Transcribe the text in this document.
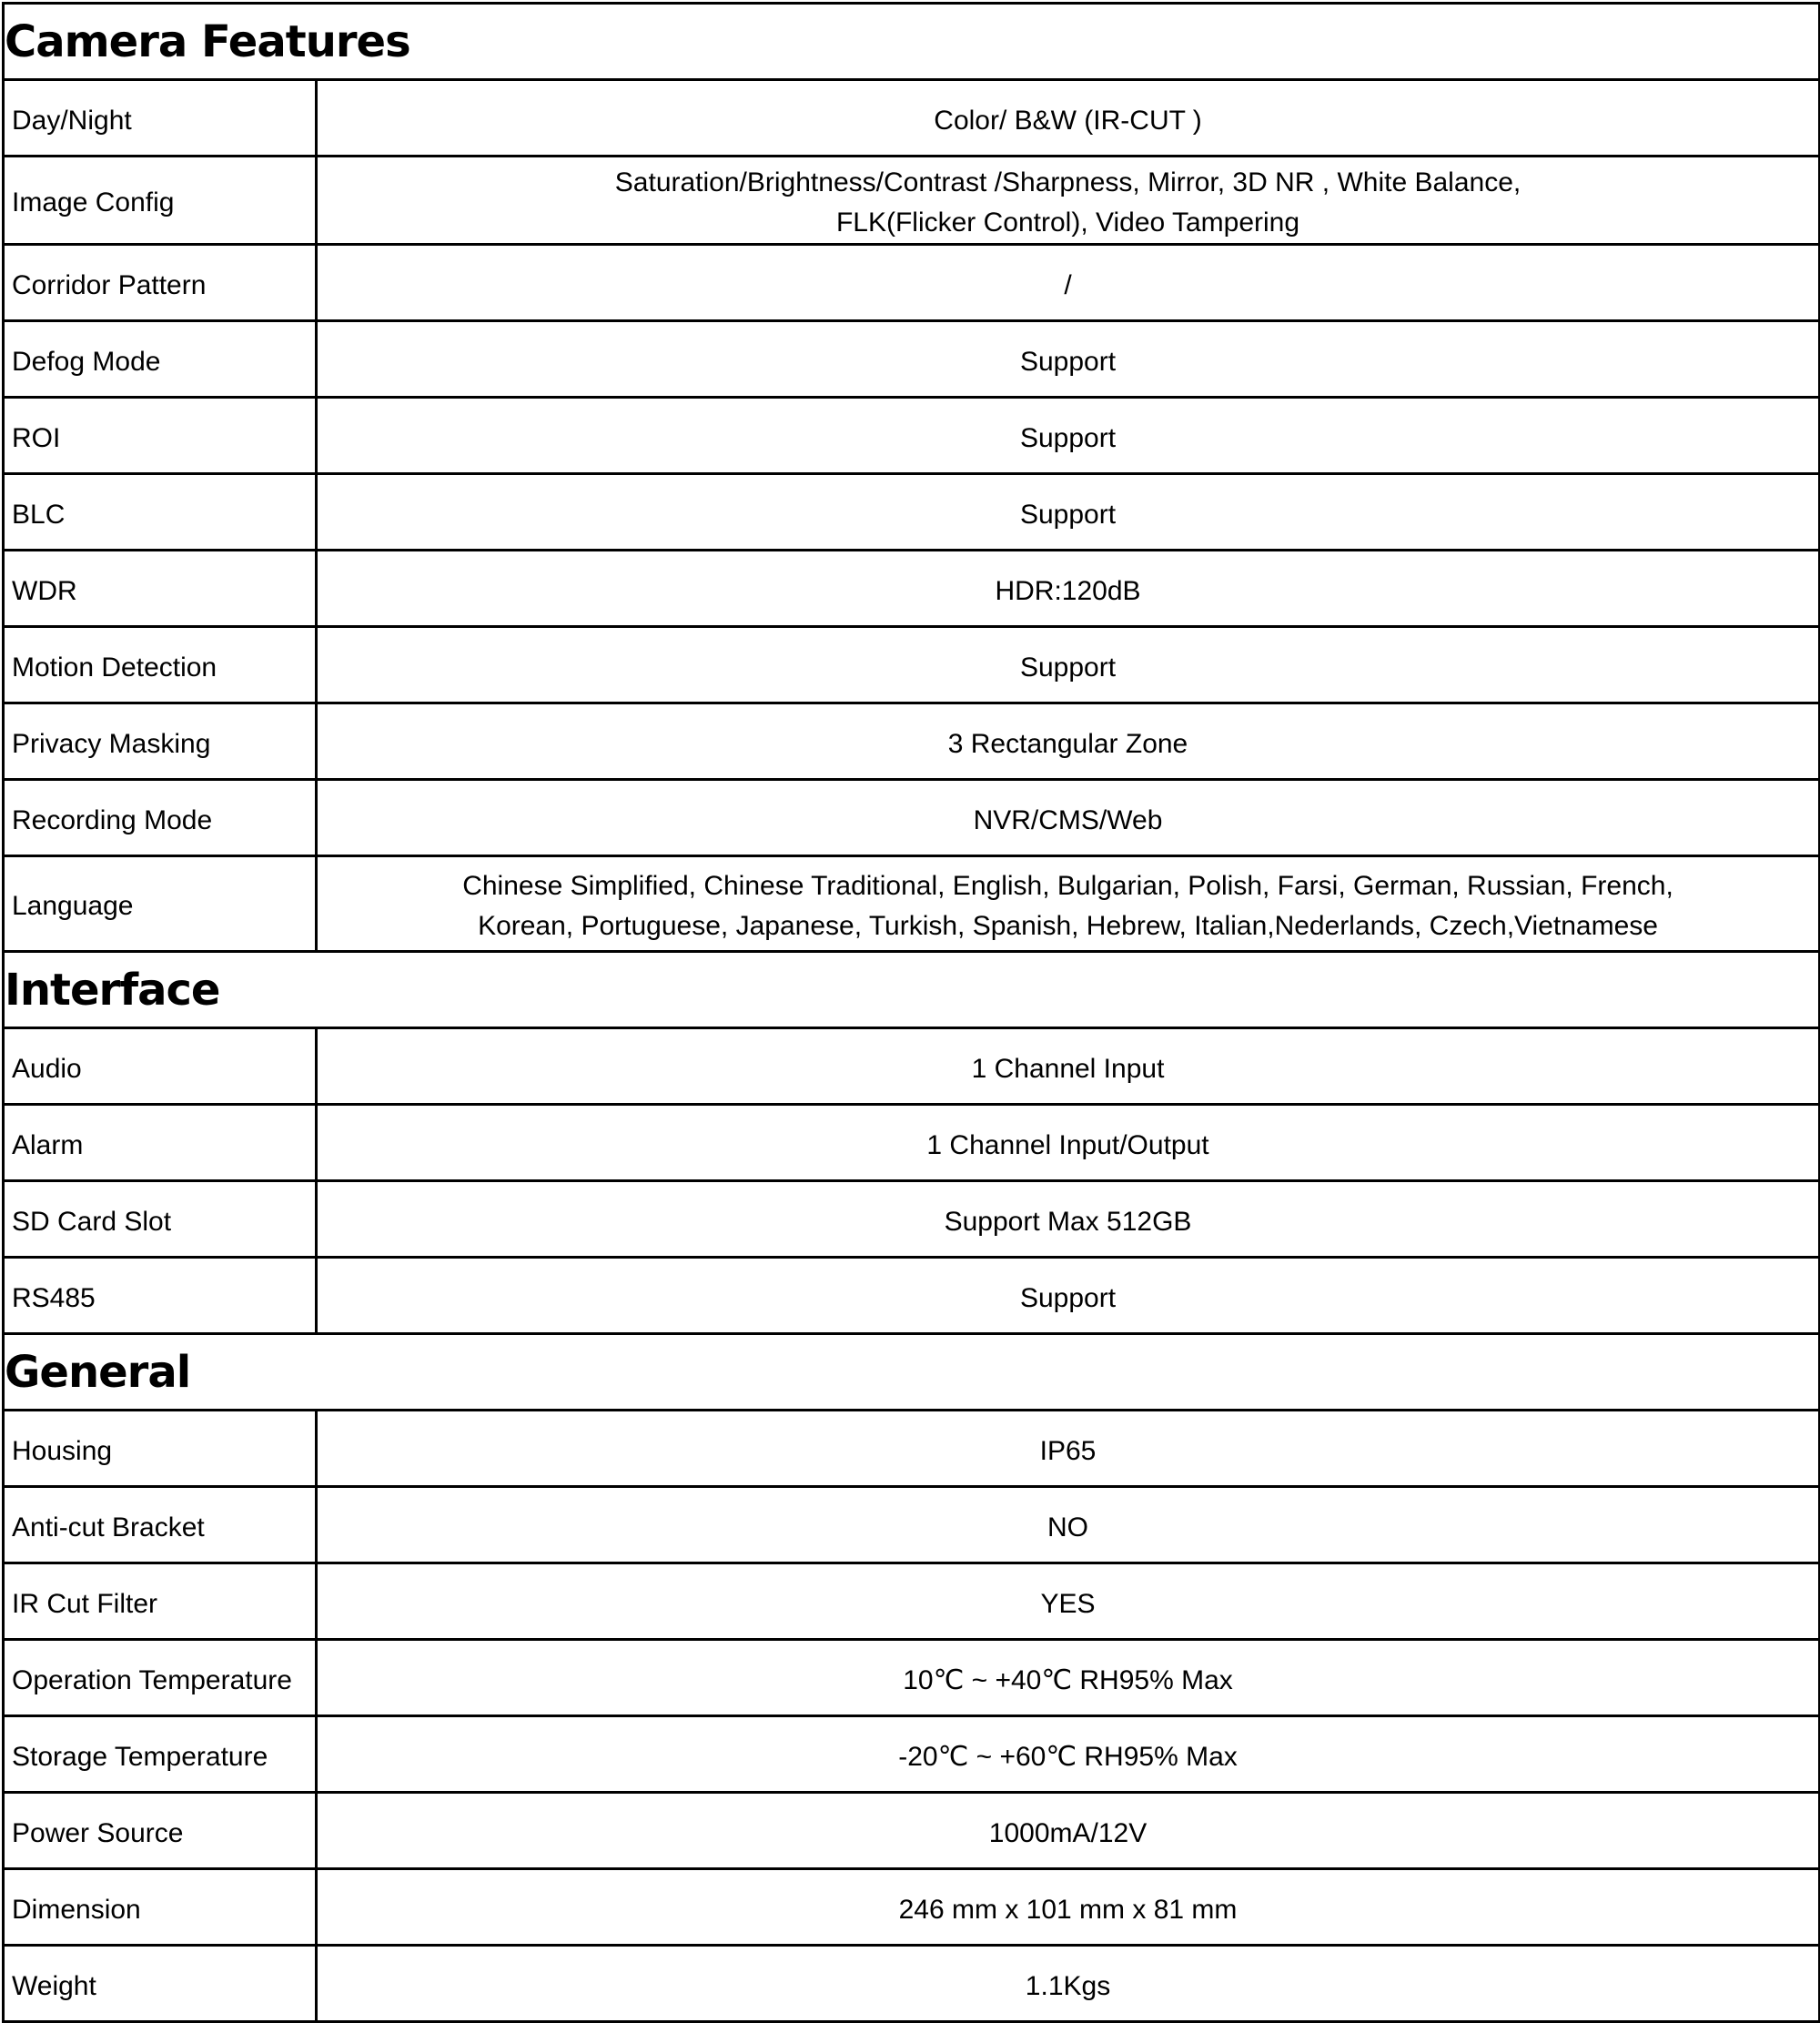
Camera Features	
Day/Night	Color/ B&W (IR-CUT )

Image Config	Saturation/Brightness/Contrast /Sharpness, Mirror, 3D NR , White Balance,
FLK(Flicker Control), Video Tampering

Corridor Pattern	/

Defog Mode	Support

ROI	Support

BLC	Support

WDR	HDR:120dB

Motion Detection	Support

Privacy Masking	3 Rectangular Zone

Recording Mode	NVR/CMS/Web

Language	Chinese Simplified, Chinese Traditional, English, Bulgarian, Polish, Farsi, German, Russian, French,
Korean, Portuguese, Japanese, Turkish, Spanish, Hebrew, Italian,Nederlands, Czech,Vietnamese

Interface	
Audio	1 Channel Input

Alarm	1 Channel Input/Output

SD Card Slot	Support Max 512GB

RS485	Support

General	
Housing	IP65

Anti-cut Bracket	NO

IR Cut Filter	YES

Operation Temperature	10℃ ~ +40℃ RH95% Max

Storage Temperature	-20℃ ~ +60℃ RH95% Max

Power Source	1000mA/12V

Dimension	246 mm x 101 mm x 81 mm

Weight	1.1Kgs
